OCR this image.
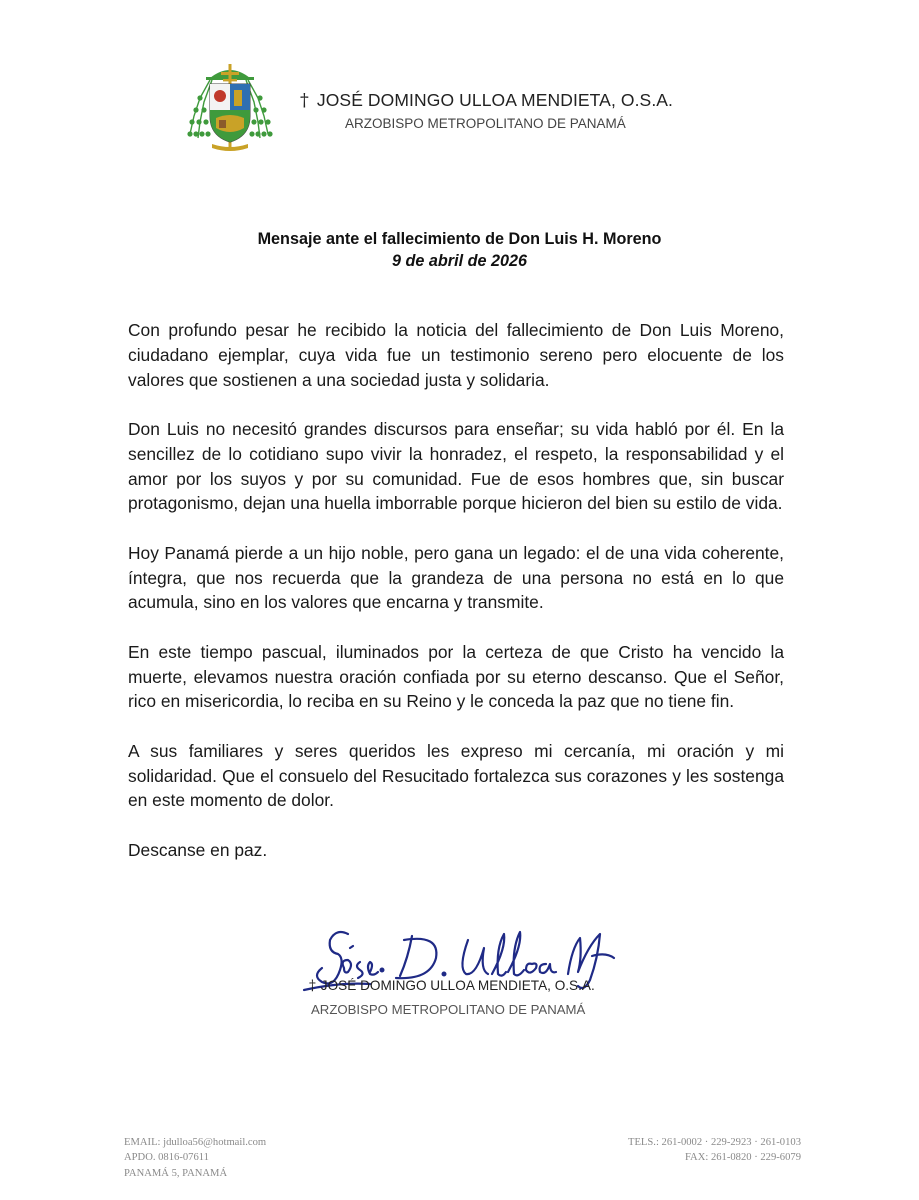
† JOSÉ DOMINGO ULLOA MENDIETA, O.S.A.
ARZOBISPO METROPOLITANO DE PANAMÁ
Mensaje ante el fallecimiento de Don Luis H. Moreno
9 de abril de 2026

Con profundo pesar he recibido la noticia del fallecimiento de Don Luis Moreno, ciudadano ejemplar, cuya vida fue un testimonio sereno pero elocuente de los valores que sostienen a una sociedad justa y solidaria.

Don Luis no necesitó grandes discursos para enseñar; su vida habló por él. En la sencillez de lo cotidiano supo vivir la honradez, el respeto, la responsabilidad y el amor por los suyos y por su comunidad. Fue de esos hombres que, sin buscar protagonismo, dejan una huella imborrable porque hicieron del bien su estilo de vida.

Hoy Panamá pierde a un hijo noble, pero gana un legado: el de una vida coherente, íntegra, que nos recuerda que la grandeza de una persona no está en lo que acumula, sino en los valores que encarna y transmite.

En este tiempo pascual, iluminados por la certeza de que Cristo ha vencido la muerte, elevamos nuestra oración confiada por su eterno descanso. Que el Señor, rico en misericordia, lo reciba en su Reino y le conceda la paz que no tiene fin.

A sus familiares y seres queridos les expreso mi cercanía, mi oración y mi solidaridad. Que el consuelo del Resucitado fortalezca sus corazones y les sostenga en este momento de dolor.

Descanse en paz.

† JOSÉ DOMINGO ULLOA MENDIETA, O.S.A.
ARZOBISPO METROPOLITANO DE PANAMÁ
EMAIL: jdulloa56@hotmail.com
APDO. 0816-07611
PANAMÁ 5, PANAMÁ
TELS.: 261-0002 · 229-2923 · 261-0103
FAX: 261-0820 · 229-6079
